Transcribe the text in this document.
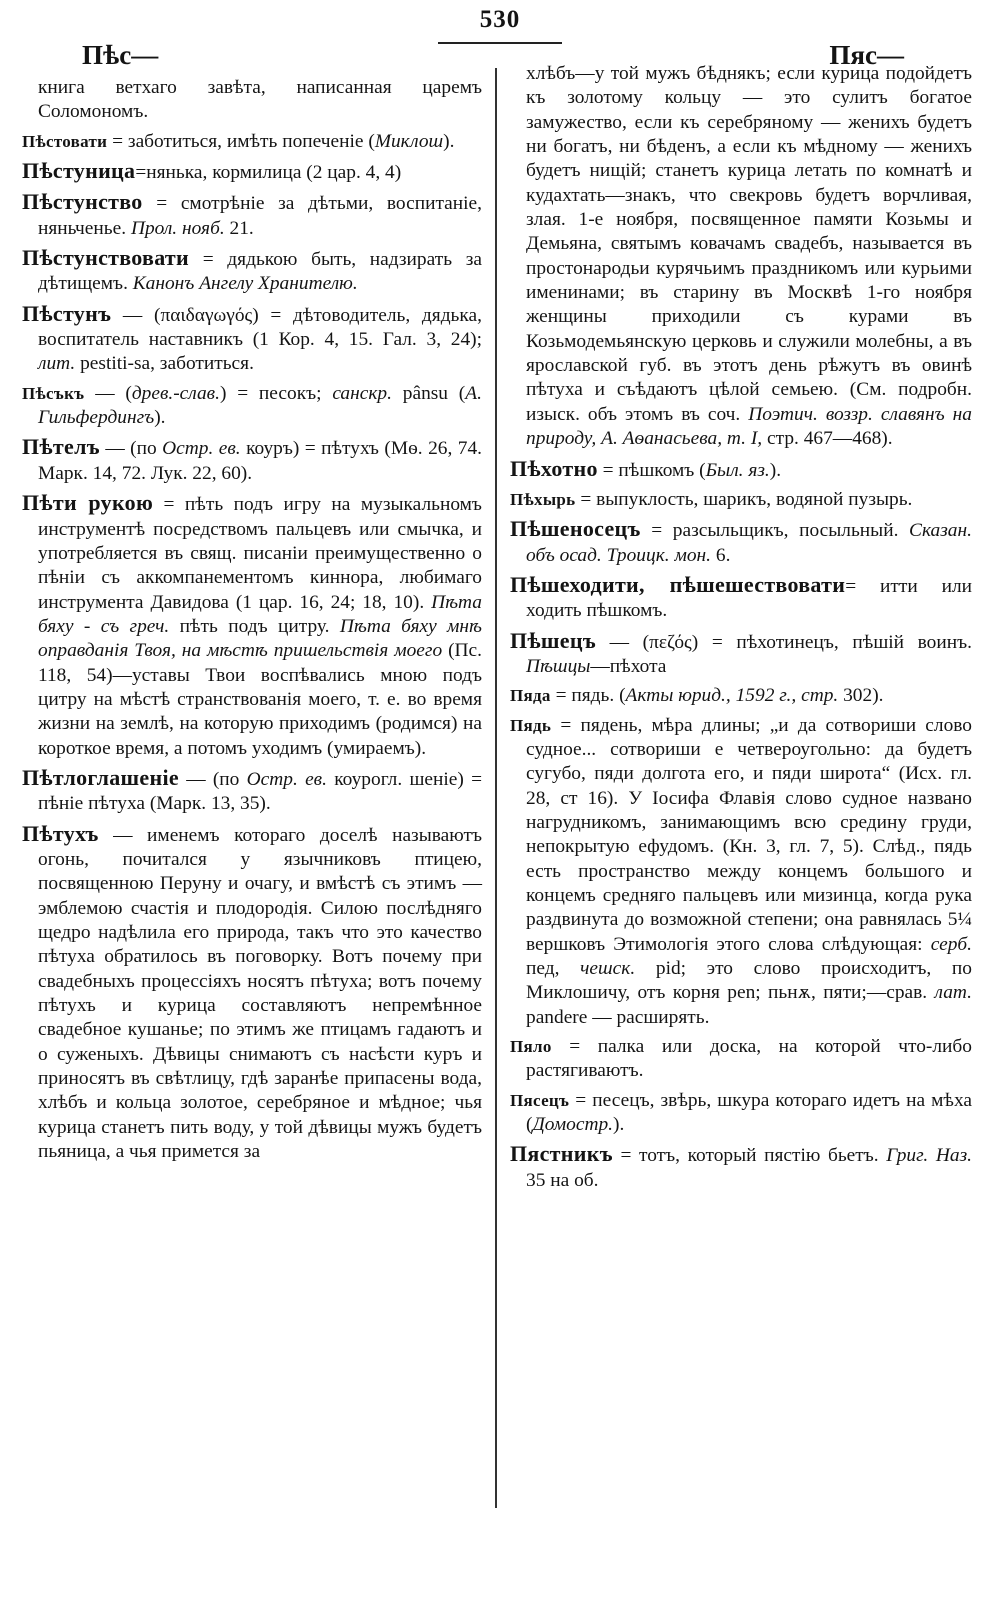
530
Пѣс—	Пяс—

книга ветхаго завѣта, написанная царемъ Соломономъ.

Пѣстовати = заботиться, имѣть попеченіе (Миклош).

Пѣстуница=нянька, кормилица (2 цар. 4, 4)

Пѣстунство = смотрѣніе за дѣтьми, воспитаніе, няньченье. Прол. нояб. 21.

Пѣстунствовати = дядькою быть, надзирать за дѣтищемъ. Канонъ Ангелу Хранителю.

Пѣстунъ — (παιδαγωγός) = дѣтоводитель, дядька, воспитатель наставникъ (1 Кор. 4, 15. Гал. 3, 24); лит. pestiti-sa, заботиться.

Пѣсъкъ — (древ.-слав.) = песокъ; санскр. pânsu (А. Гильфердингъ).

Пѣтелъ — (по Остр. ев. коуръ) = пѣтухъ (Мѳ. 26, 74. Марк. 14, 72. Лук. 22, 60).

Пѣти рукою = пѣть подъ игру на музыкальномъ инструментѣ посредствомъ пальцевъ или смычка, и употребляется въ свящ. писаніи преимущественно о пѣніи съ аккомпанементомъ киннора, любимаго инструмента Давидова (1 цар. 16, 24; 18, 10). Пѣта бяху - съ греч. пѣть подъ цитру. Пѣта бяху мнѣ оправданія Твоя, на мѣстѣ пришельствія моего (Пс. 118, 54)—уставы Твои воспѣвались мною подъ цитру на мѣстѣ странствованія моего, т. е. во время жизни на землѣ, на которую приходимъ (родимся) на короткое время, а потомъ уходимъ (умираемъ).

Пѣтлоглашеніе — (по Остр. ев. коурогл. шеніе) = пѣніе пѣтуха (Марк. 13, 35).

Пѣтухъ — именемъ котораго доселѣ называютъ огонь, почитался у язычниковъ птицею, посвященною Перуну и очагу, и вмѣстѣ съ этимъ — эмблемою счастія и плодородія. Силою послѣдняго щедро надѣлила его природа, такъ что это качество пѣтуха обратилось въ поговорку. Вотъ почему при свадебныхъ процессіяхъ носятъ пѣтуха; вотъ почему пѣтухъ и курица составляютъ непремѣнное свадебное кушанье; по этимъ же птицамъ гадаютъ и о суженыхъ. Дѣвицы снимаютъ съ насѣсти куръ и приносятъ въ свѣтлицу, гдѣ заранѣе припасены вода, хлѣбъ и кольца золотое, серебряное и мѣдное; чья курица станетъ пить воду, у той дѣвицы мужъ будетъ пьяница, а чья примется за

хлѣбъ—у той мужъ бѣднякъ; если курица подойдетъ къ золотому кольцу — это сулитъ богатое замужество, если къ серебряному — женихъ будетъ ни богатъ, ни бѣденъ, а если къ мѣдному — женихъ будетъ нищій; станетъ курица летать по комнатѣ и кудахтать—знакъ, что свекровь будетъ ворчливая, злая. 1-е ноября, посвященное памяти Козьмы и Демьяна, святымъ ковачамъ свадебъ, называется въ простонародьи курячьимъ праздникомъ или курьими именинами; въ старину въ Москвѣ 1-го ноября женщины приходили съ курами въ Козьмодемьянскую церковь и служили молебны, а въ ярославской губ. въ этотъ день рѣжутъ въ овинѣ пѣтуха и съѣдаютъ цѣлой семьею. (См. подробн. изыск. объ этомъ въ соч. Поэтич. воззр. славянъ на природу, А. Аѳанасьева, т. I, стр. 467—468).

Пѣхотно = пѣшкомъ (Был. яз.).

Пѣхырь = выпуклость, шарикъ, водяной пузырь.

Пѣшеносецъ = разсыльщикъ, посыльный. Сказан. объ осад. Троицк. мон. 6.

Пѣшеходити, пѣшешествовати= итти или ходить пѣшкомъ.

Пѣшецъ — (πεζός) = пѣхотинецъ, пѣшій воинъ. Пѣшцы—пѣхота

Пяда = пядь. (Акты юрид., 1592 г., стр. 302).

Пядь = пядень, мѣра длины; „и да сотвориши слово судное... сотвориши е четвероугольно: да будетъ сугубо, пяди долгота его, и пяди широта“ (Исх. гл. 28, ст 16). У Іосифа Флавія слово судное названо нагрудникомъ, занимающимъ всю средину груди, непокрытую ефудомъ. (Кн. 3, гл. 7, 5). Слѣд., пядь есть пространство между концемъ большого и концемъ средняго пальцевъ или мизинца, когда рука раздвинута до возможной степени; она равнялась 5¼ вершковъ Этимологія этого слова слѣдующая: серб. пед, чешск. pid; это слово происходитъ, по Миклошичу, отъ корня pen; пьнѫ, пяти;—срав. лат. pandere — расширять.

Пяло = палка или доска, на которой что-либо растягиваютъ.

Пясецъ = песецъ, звѣрь, шкура котораго идетъ на мѣха (Домостр.).

Пястникъ = тотъ, который пястію бьетъ. Григ. Наз. 35 на об.
